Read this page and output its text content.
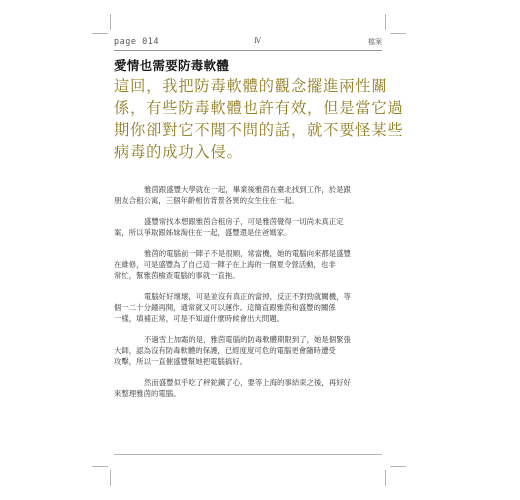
page 014	Ⅳ	檔案
愛情也需要防毒軟體
這回，我把防毒軟體的觀念擺進兩性關
係，有些防毒軟體也許有效，但是當它過
期你卻對它不聞不問的話，就不要怪某些
病毒的成功入侵。
雅茵跟盛豐大學就在一起，畢業後雅茵在臺北找到工作，於是跟
朋友合租公寓，三個年齡相仿背景各異的女生住在一起。
盛豐常找本想跟雅茵合租房子，可是雅茵覺得一切尚未真正定
案，所以爭取跟姊妹淘住在一起，盛豐還是住爸媽家。
雅茵的電腦前一陣子不是很順，常當機，她的電腦向來都是盛豐
在維修，可是盛豐為了自己這一陣子在上海的一個夏令營活動，也非
常忙，幫雅茵檢查電腦的事就一直拖。
電腦好好壞壞，可是並沒有真正的當掉，反正不對勁就關機，等
個一二十分鐘再開，通常就又可以運作。這簡直跟雅茵和盛豐的關係
一樣，填補正常，可是不知道什麼時候會出大問題。
不過雪上加霜的是，雅茵電腦的防毒軟體期限到了，她是個緊張
大師，認為沒有防毒軟體的保護，已經度度可危的電腦更會隨時遭受
攻擊，所以一直催盛豐幫她把電腦搞好。
然而盛豐似乎吃了秤鉈鐵了心，要等上海的事結束之後，再好好
來整理雅茵的電腦。
